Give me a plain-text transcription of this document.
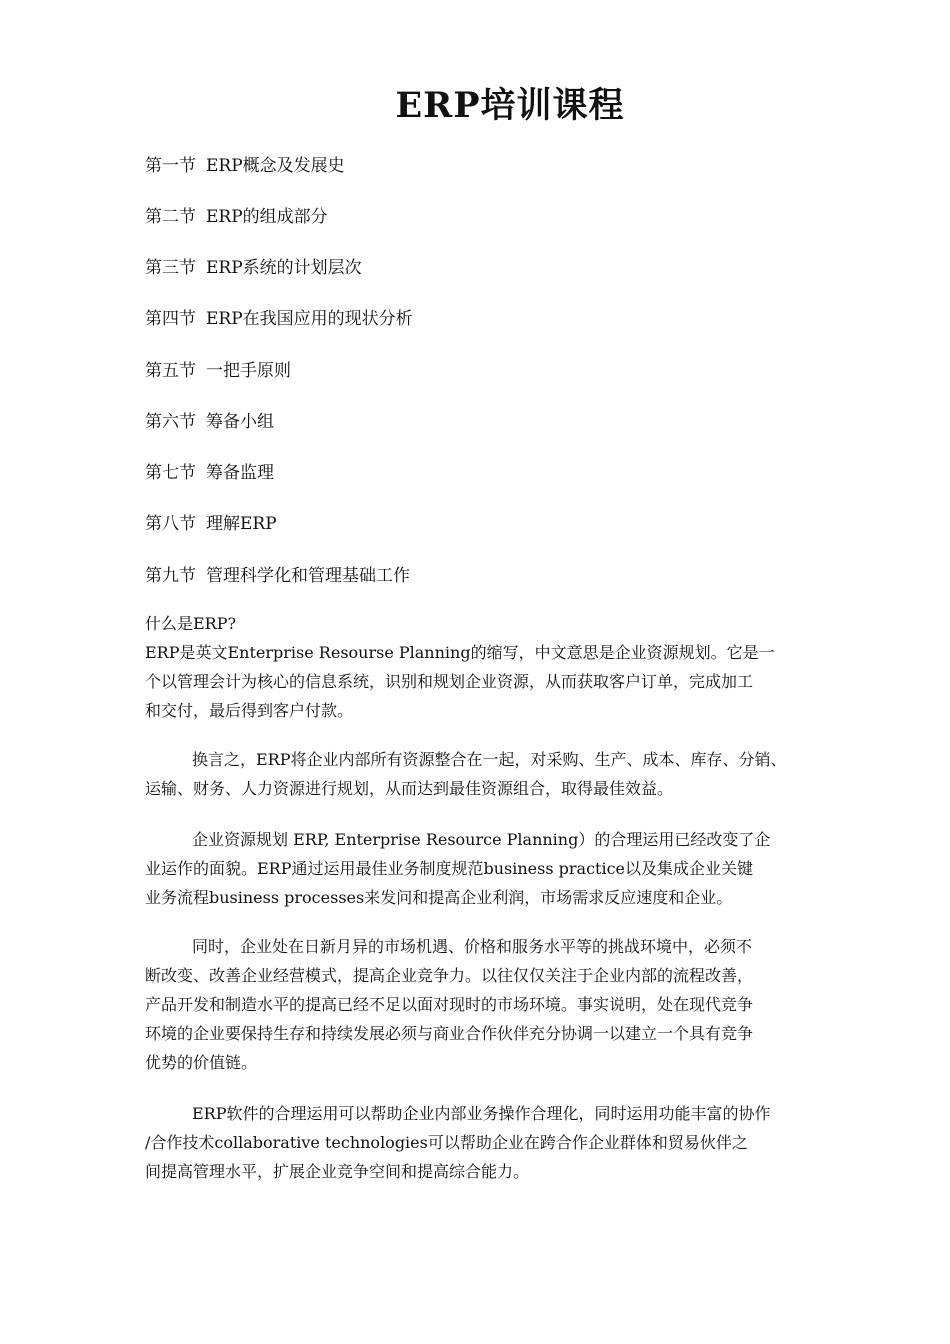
ERP培训课程
第一节 ERP概念及发展史
第二节 ERP的组成部分
第三节 ERP系统的计划层次
第四节 ERP在我国应用的现状分析
第五节 一把手原则
第六节 筹备小组
第七节 筹备监理
第八节 理解ERP
第九节 管理科学化和管理基础工作
什么是ERP?
ERP是英文Enterprise Resourse Planning的缩写，中文意思是企业资源规划。它是一
个以管理会计为核心的信息系统，识别和规划企业资源，从而获取客户订单，完成加工
和交付，最后得到客户付款。
换言之，ERP将企业内部所有资源整合在一起，对采购、生产、成本、库存、分销、
运输、财务、人力资源进行规划，从而达到最佳资源组合，取得最佳效益。
企业资源规划 ERP, Enterprise Resource Planning）的合理运用已经改变了企
业运作的面貌。ERP通过运用最佳业务制度规范business practice以及集成企业关键
业务流程business processes来发问和提高企业利润，市场需求反应速度和企业。
同时，企业处在日新月异的市场机遇、价格和服务水平等的挑战环境中，必须不
断改变、改善企业经营模式，提高企业竞争力。以往仅仅关注于企业内部的流程改善，
产品开发和制造水平的提高已经不足以面对现时的市场环境。事实说明，处在现代竞争
环境的企业要保持生存和持续发展必须与商业合作伙伴充分协调一以建立一个具有竞争
优势的价值链。
ERP软件的合理运用可以帮助企业内部业务操作合理化，同时运用功能丰富的协作
/合作技术collaborative technologies可以帮助企业在跨合作企业群体和贸易伙伴之
间提高管理水平，扩展企业竞争空间和提高综合能力。
